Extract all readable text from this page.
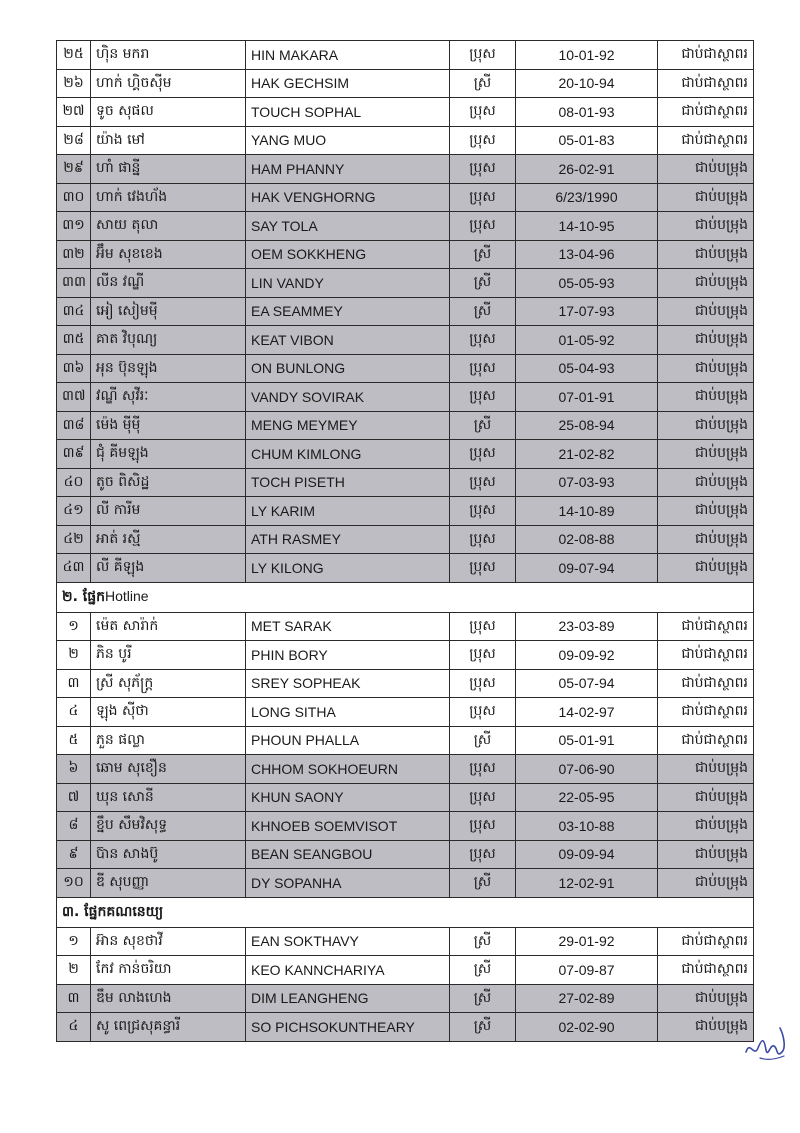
២៥	ហ៊ិន មករា	HIN MAKARA	ប្រុស	10-01-92	ជាប់ជាស្ថាពរ
២៦	ហាក់ ហ្គិចស៊ីម	HAK GECHSIM	ស្រី	20-10-94	ជាប់ជាស្ថាពរ
២៧	ទូច សុផល	TOUCH SOPHAL	ប្រុស	08-01-93	ជាប់ជាស្ថាពរ
២៨	យ៉ាង មៅ	YANG MUO	ប្រុស	05-01-83	ជាប់ជាស្ថាពរ
២៩	ហាំ ផាន្នី	HAM PHANNY	ប្រុស	26-02-91	ជាប់បម្រុង
៣០	ហាក់ វេងហ័ង	HAK VENGHORNG	ប្រុស	6/23/1990	ជាប់បម្រុង
៣១	សាយ តុលា	SAY TOLA	ប្រុស	14-10-95	ជាប់បម្រុង
៣២	អ៊ឹម សុខខេង	OEM SOKKHENG	ស្រី	13-04-96	ជាប់បម្រុង
៣៣	លីន វណ្ឌី	LIN VANDY	ស្រី	05-05-93	ជាប់បម្រុង
៣៤	អៀ សៀមម៉ី	EA SEAMMEY	ស្រី	17-07-93	ជាប់បម្រុង
៣៥	គាត វិបុណ្យ	KEAT VIBON	ប្រុស	01-05-92	ជាប់បម្រុង
៣៦	អុន ប៊ុនឡុង	ON BUNLONG	ប្រុស	05-04-93	ជាប់បម្រុង
៣៧	វណ្ឌី សុវីរៈ	VANDY SOVIRAK	ប្រុស	07-01-91	ជាប់បម្រុង
៣៨	ម៉េង ម៉ីម៉ី	MENG MEYMEY	ស្រី	25-08-94	ជាប់បម្រុង
៣៩	ជុំ គីមឡុង	CHUM KIMLONG	ប្រុស	21-02-82	ជាប់បម្រុង
៤០	តូច ពិសិដ្ឋ	TOCH PISETH	ប្រុស	07-03-93	ជាប់បម្រុង
៤១	លី ការីម	LY KARIM	ប្រុស	14-10-89	ជាប់បម្រុង
៤២	អាត់ រស្មី	ATH RASMEY	ប្រុស	02-08-88	ជាប់បម្រុង
៤៣	លី គីឡុង	LY KILONG	ប្រុស	09-07-94	ជាប់បម្រុង
២. ផ្នែកHotline					
១	ម៉េត សារ៉ាក់	MET SARAK	ប្រុស	23-03-89	ជាប់ជាស្ថាពរ
២	ភិន បូរី	PHIN BORY	ប្រុស	09-09-92	ជាប់ជាស្ថាពរ
៣	ស្រី សុភ័ក្រ្ត	SREY SOPHEAK	ប្រុស	05-07-94	ជាប់ជាស្ថាពរ
៤	ឡុង ស៊ីថា	LONG SITHA	ប្រុស	14-02-97	ជាប់ជាស្ថាពរ
៥	ភួន ផល្លា	PHOUN PHALLA	ស្រី	05-01-91	ជាប់ជាស្ថាពរ
៦	ឆោម សុខឿន	CHHOM SOKHOEURN	ប្រុស	07-06-90	ជាប់បម្រុង
៧	ឃុន សោនី	KHUN SAONY	ប្រុស	22-05-95	ជាប់បម្រុង
៨	ខ្នឹប សឹមវិសុទ្ធ	KHNOEB SOEMVISOT	ប្រុស	03-10-88	ជាប់បម្រុង
៩	ប៊ាន សាងប៊ូ	BEAN SEANGBOU	ប្រុស	09-09-94	ជាប់បម្រុង
១០	ឌី សុបញ្ញា	DY SOPANHA	ស្រី	12-02-91	ជាប់បម្រុង
៣. ផ្នែកគណនេយ្យ					
១	អ៊ាន សុខថាវី	EAN SOKTHAVY	ស្រី	29-01-92	ជាប់ជាស្ថាពរ
២	កែវ កាន់ចរិយា	KEO KANNCHARIYA	ស្រី	07-09-87	ជាប់ជាស្ថាពរ
៣	ឌឹម លាងហេង	DIM LEANGHENG	ស្រី	27-02-89	ជាប់បម្រុង
៤	សូ ពេជ្រសុគន្ធារី	SO PICHSOKUNTHEARY	ស្រី	02-02-90	ជាប់បម្រុង
